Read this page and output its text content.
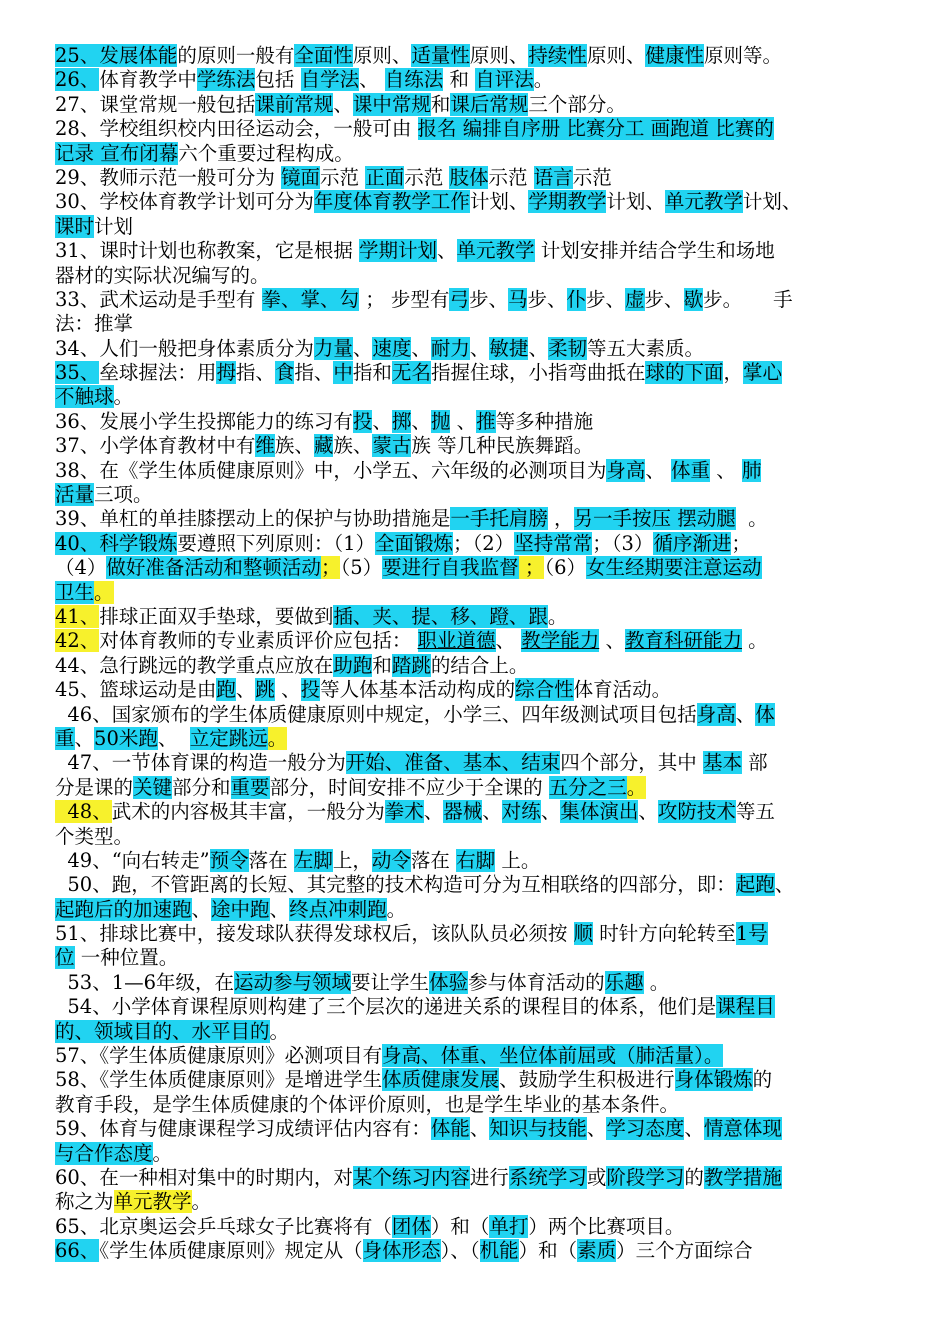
25、发展体能的原则一般有全面性原则、适量性原则、持续性原则、健康性原则等。
26、体育教学中学练法包括 自学法、 自练法 和 自评法。
27、课堂常规一般包括课前常规、课中常规和课后常规三个部分。
28、学校组织校内田径运动会，一般可由 报名 编排自序册 比赛分工 画跑道 比赛的
记录 宣布闭幕六个重要过程构成。
29、教师示范一般可分为 镜面示范 正面示范 肢体示范 语言示范
30、学校体育教学计划可分为年度体育教学工作计划、学期教学计划、单元教学计划、
课时计划
31、课时计划也称教案，它是根据 学期计划、单元教学 计划安排并结合学生和场地
器材的实际状况编写的。
33、武术运动是手型有 拳、掌、勾 ； 步型有弓步、马步、仆步、虚步、歇步。     手
法：推掌
34、人们一般把身体素质分为力量、速度、耐力、敏捷、柔韧等五大素质。
35、垒球握法：用拇指、食指、中指和无名指握住球，小指弯曲抵在球的下面，掌心
不触球。
36、发展小学生投掷能力的练习有投、掷、抛 、推等多种措施
37、小学体育教材中有维族、藏族、蒙古族 等几种民族舞蹈。
38、在《学生体质健康原则》中，小学五、六年级的必测项目为身高、 体重 、 肺
活量三项。
39、单杠的单挂膝摆动上的保护与协助措施是一手托肩膀 ，另一手按压 摆动腿  。
40、科学锻炼要遵照下列原则：（1）全面锻炼；（2）坚持常常；（3）循序渐进；
（4）做好准备活动和整顿活动；（5）要进行自我监督 ；（6）女生经期要注意运动
卫生。
41、排球正面双手垫球，要做到插、夹、提、移、蹬、跟。
42、对体育教师的专业素质评价应包括： 职业道德、 教学能力 、教育科研能力 。
44、急行跳远的教学重点应放在助跑和踏跳的结合上。
45、篮球运动是由跑、跳 、投等人体基本活动构成的综合性体育活动。
46、国家颁布的学生体质健康原则中规定，小学三、四年级测试项目包括身高、体
重、50米跑、  立定跳远。
47、一节体育课的构造一般分为开始、准备、基本、结束四个部分，其中 基本 部
分是课的关键部分和重要部分，时间安排不应少于全课的 五分之三。
48、武术的内容极其丰富，一般分为拳术、器械、对练、集体演出、攻防技术等五
个类型。
49、“向右转走”预令落在 左脚上，动令落在 右脚 上。
50、跑，不管距离的长短、其完整的技术构造可分为互相联络的四部分，即：起跑、
起跑后的加速跑、途中跑、终点冲刺跑。
51、排球比赛中，接发球队获得发球权后，该队队员必须按 顺 时针方向轮转至1号
位 一种位置。
53、1—6年级，在运动参与领域要让学生体验参与体育活动的乐趣 。
54、小学体育课程原则构建了三个层次的递进关系的课程目的体系，他们是课程目
的、领域目的、水平目的。
57、《学生体质健康原则》必测项目有身高、体重、坐位体前屈或（肺活量）。
58、《学生体质健康原则》是增进学生体质健康发展、鼓励学生积极进行身体锻炼的
教育手段，是学生体质健康的个体评价原则，也是学生毕业的基本条件。
59、体育与健康课程学习成绩评估内容有：体能、知识与技能、学习态度、情意体现
与合作态度。
60、在一种相对集中的时期内，对某个练习内容进行系统学习或阶段学习的教学措施
称之为单元教学。
65、北京奥运会乒乓球女子比赛将有（团体）和（单打）两个比赛项目。
66、《学生体质健康原则》规定从（身体形态）、（机能）和（素质）三个方面综合
